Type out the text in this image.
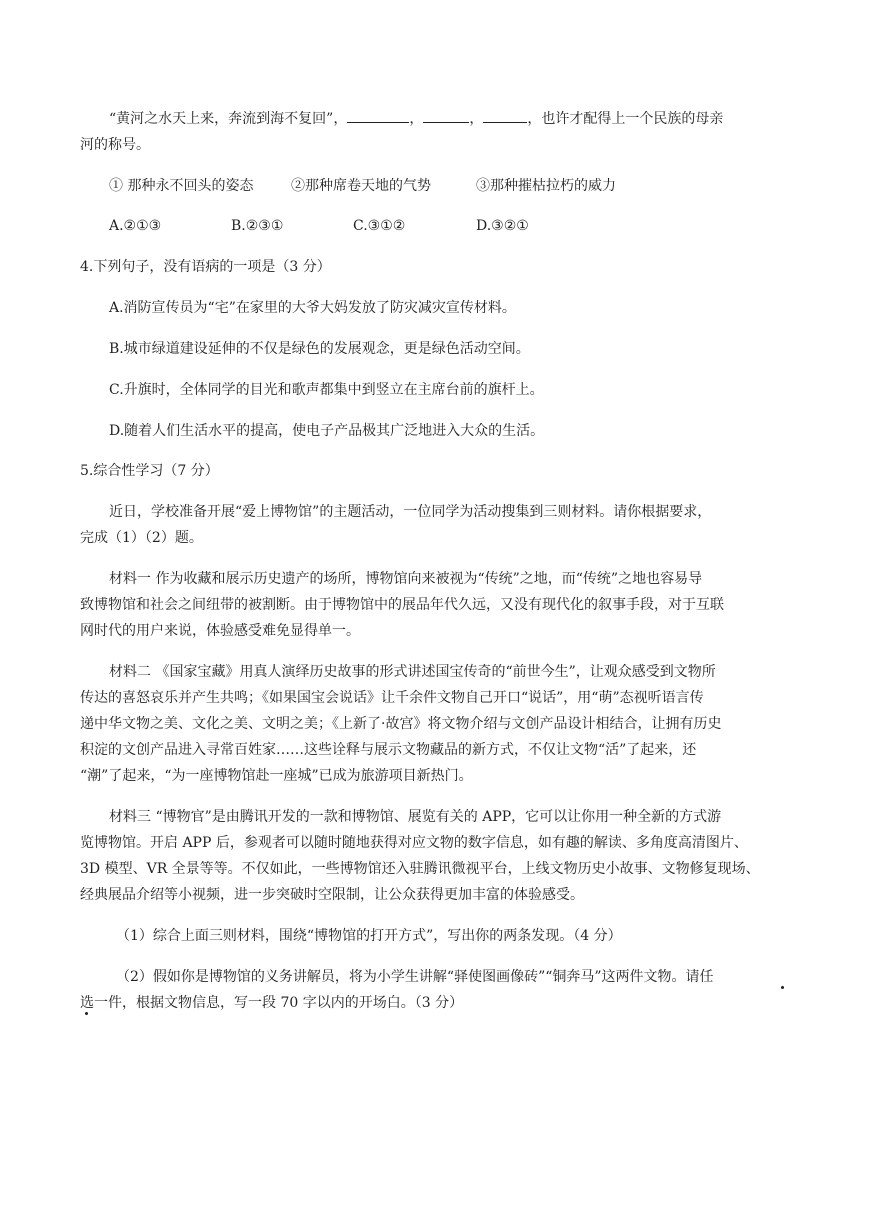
“黄河之水天上来，奔流到海不复回”，	，	，	，也许才配得上一个民族的母亲
河的称号。
① 那种永不回头的姿态	②那种席卷天地的气势	③那种摧枯拉朽的威力
A.②①③	B.②③①	C.③①②	D.③②①
4.下列句子，没有语病的一项是（3 分）
A.消防宣传员为“宅”在家里的大爷大妈发放了防灾减灾宣传材料。
B.城市绿道建设延伸的不仅是绿色的发展观念，更是绿色活动空间。
C.升旗时，全体同学的目光和歌声都集中到竖立在主席台前的旗杆上。
D.随着人们生活水平的提高，使电子产品极其广泛地进入大众的生活。
5.综合性学习（7 分）
近日，学校准备开展“爱上博物馆”的主题活动，一位同学为活动搜集到三则材料。请你根据要求，
完成（1）（2）题。
材料一 作为收藏和展示历史遗产的场所，博物馆向来被视为“传统”之地，而“传统”之地也容易导
致博物馆和社会之间纽带的被割断。由于博物馆中的展品年代久远，又没有现代化的叙事手段，对于互联
网时代的用户来说，体验感受难免显得单一。
材料二 《国家宝藏》用真人演绎历史故事的形式讲述国宝传奇的“前世今生”，让观众感受到文物所
传达的喜怒哀乐并产生共鸣；《如果国宝会说话》让千余件文物自己开口“说话”，用“萌”态视听语言传
递中华文物之美、文化之美、文明之美；《上新了·故宫》将文物介绍与文创产品设计相结合，让拥有历史
积淀的文创产品进入寻常百姓家……这些诠释与展示文物藏品的新方式，不仅让文物“活”了起来，还
“潮”了起来，“为一座博物馆赴一座城”已成为旅游项目新热门。
材料三 “博物官”是由腾讯开发的一款和博物馆、展览有关的 APP，它可以让你用一种全新的方式游
览博物馆。开启 APP 后，参观者可以随时随地获得对应文物的数字信息，如有趣的解读、多角度高清图片、
3D 模型、VR 全景等等。不仅如此，一些博物馆还入驻腾讯微视平台，上线文物历史小故事、文物修复现场、
经典展品介绍等小视频，进一步突破时空限制，让公众获得更加丰富的体验感受。
（1）综合上面三则材料，围绕“博物馆的打开方式”，写出你的两条发现。（4 分）
（2）假如你是博物馆的义务讲解员，将为小学生讲解“驿使图画像砖”“铜奔马”这两件文物。请任
选一件，根据文物信息，写一段 70 字以内的开场白。（3 分）
